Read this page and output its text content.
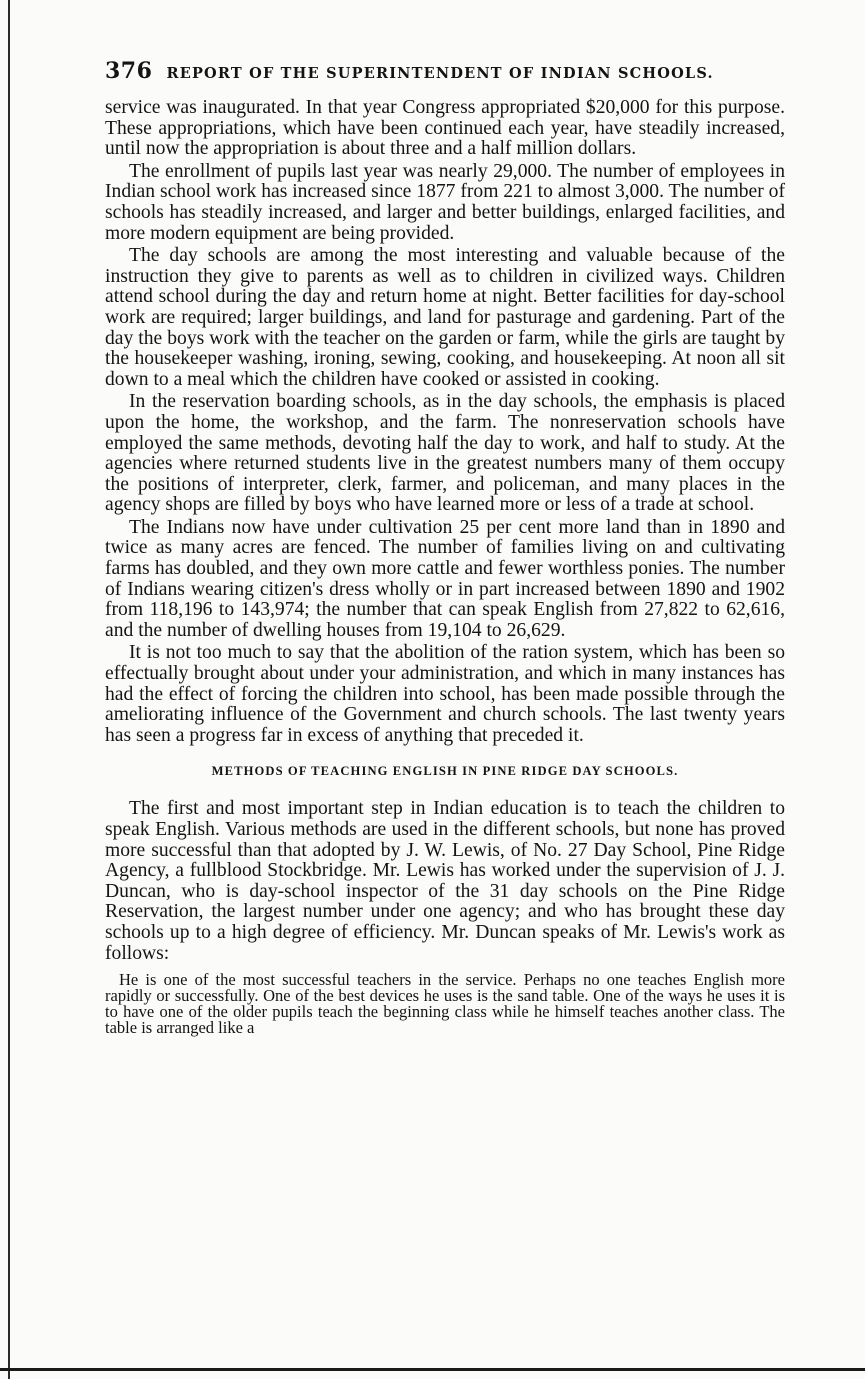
376 REPORT OF THE SUPERINTENDENT OF INDIAN SCHOOLS.

service was inaugurated. In that year Congress appropriated $20,000 for this purpose. These appropriations, which have been continued each year, have steadily increased, until now the appropriation is about three and a half million dollars.

The enrollment of pupils last year was nearly 29,000. The number of employees in Indian school work has increased since 1877 from 221 to almost 3,000. The number of schools has steadily increased, and larger and better buildings, enlarged facilities, and more modern equipment are being provided.

The day schools are among the most interesting and valuable because of the instruction they give to parents as well as to children in civilized ways. Children attend school during the day and return home at night. Better facilities for day-school work are required; larger buildings, and land for pasturage and gardening. Part of the day the boys work with the teacher on the garden or farm, while the girls are taught by the housekeeper washing, ironing, sewing, cooking, and housekeeping. At noon all sit down to a meal which the children have cooked or assisted in cooking.

In the reservation boarding schools, as in the day schools, the emphasis is placed upon the home, the workshop, and the farm. The nonreservation schools have employed the same methods, devoting half the day to work, and half to study. At the agencies where returned students live in the greatest numbers many of them occupy the positions of interpreter, clerk, farmer, and policeman, and many places in the agency shops are filled by boys who have learned more or less of a trade at school.

The Indians now have under cultivation 25 per cent more land than in 1890 and twice as many acres are fenced. The number of families living on and cultivating farms has doubled, and they own more cattle and fewer worthless ponies. The number of Indians wearing citizen's dress wholly or in part increased between 1890 and 1902 from 118,196 to 143,974; the number that can speak English from 27,822 to 62,616, and the number of dwelling houses from 19,104 to 26,629.

It is not too much to say that the abolition of the ration system, which has been so effectually brought about under your administration, and which in many instances has had the effect of forcing the children into school, has been made possible through the ameliorating influence of the Government and church schools. The last twenty years has seen a progress far in excess of anything that preceded it.

METHODS OF TEACHING ENGLISH IN PINE RIDGE DAY SCHOOLS.

The first and most important step in Indian education is to teach the children to speak English. Various methods are used in the different schools, but none has proved more successful than that adopted by J. W. Lewis, of No. 27 Day School, Pine Ridge Agency, a fullblood Stockbridge. Mr. Lewis has worked under the supervision of J. J. Duncan, who is day-school inspector of the 31 day schools on the Pine Ridge Reservation, the largest number under one agency; and who has brought these day schools up to a high degree of efficiency. Mr. Duncan speaks of Mr. Lewis's work as follows:

He is one of the most successful teachers in the service. Perhaps no one teaches English more rapidly or successfully. One of the best devices he uses is the sand table. One of the ways he uses it is to have one of the older pupils teach the beginning class while he himself teaches another class. The table is arranged like a
